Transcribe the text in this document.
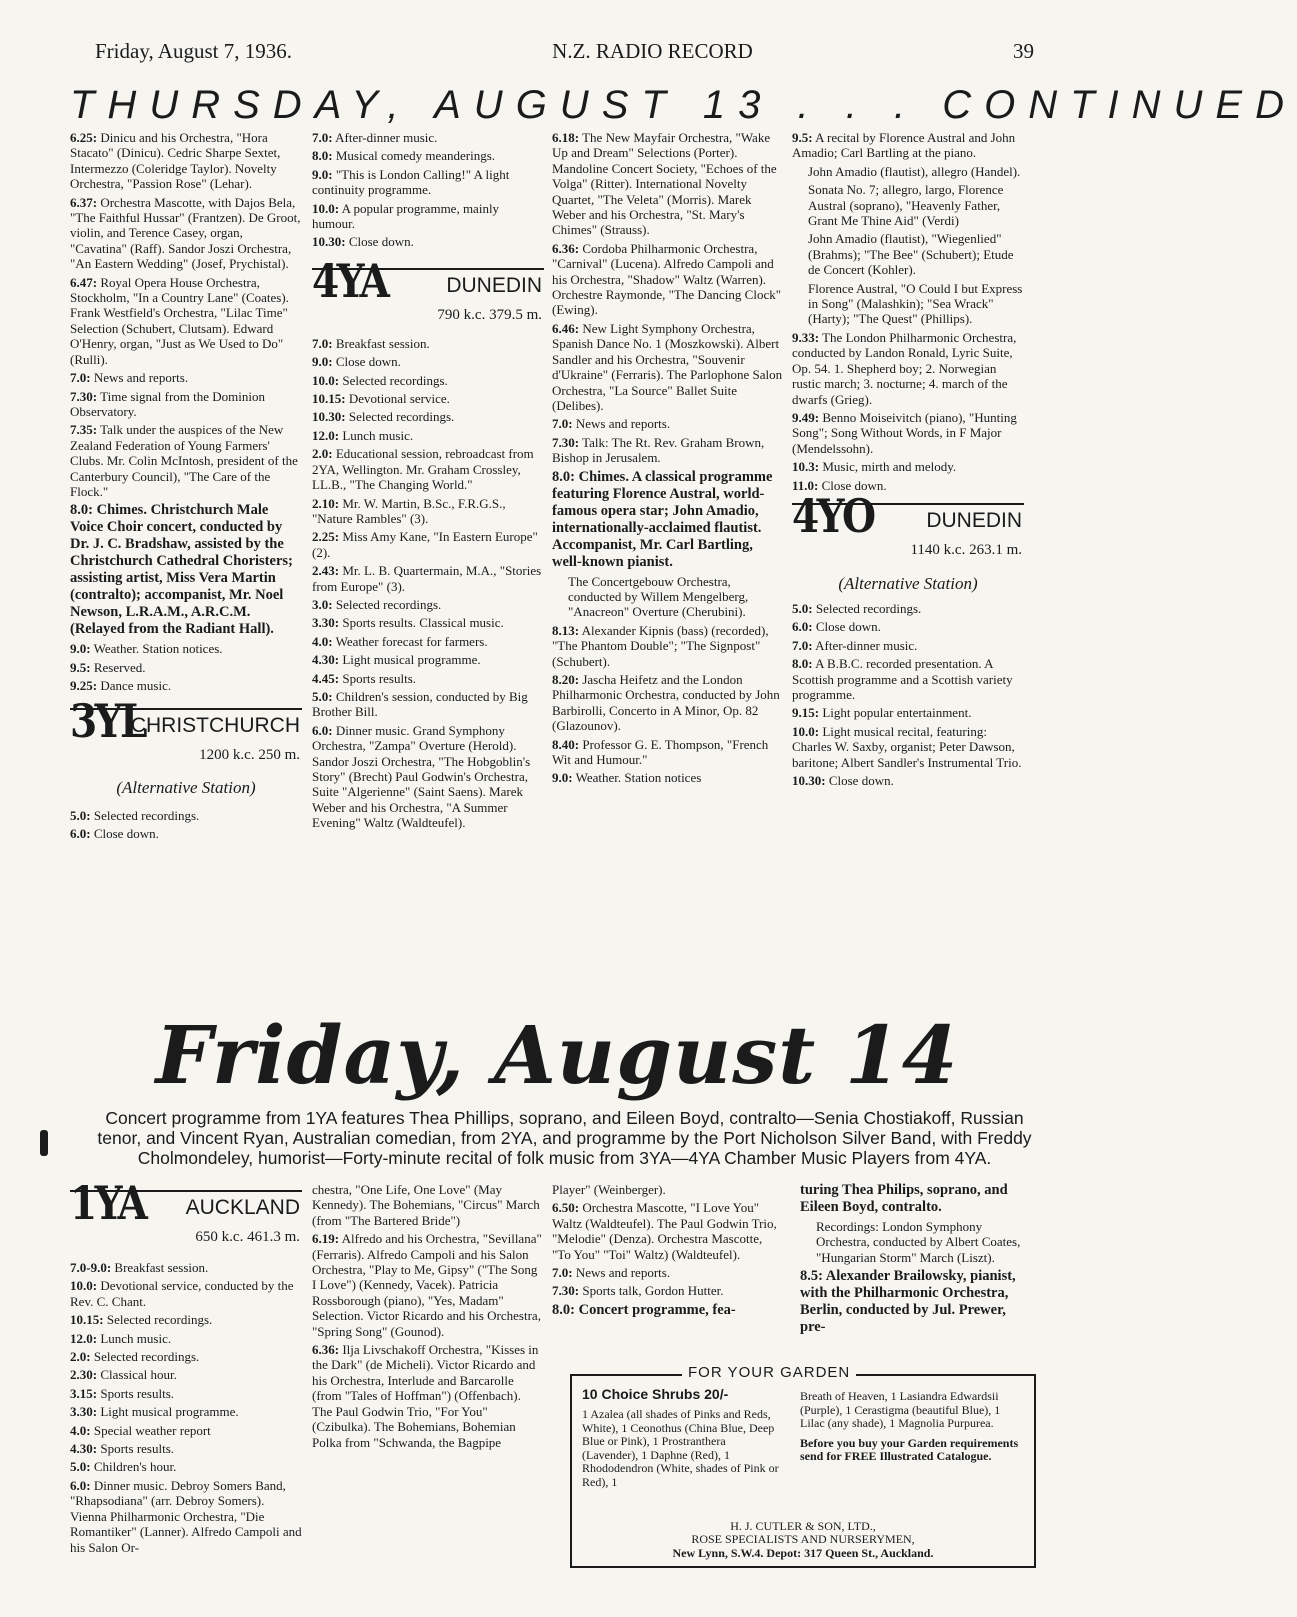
Friday, August 7, 1936.	N.Z. RADIO RECORD	39
THURSDAY, AUGUST 13 . . . CONTINUED
6.25: Dinicu and his Orchestra, "Hora Stacato" (Dinicu). Cedric Sharpe Sextet, Intermezzo (Coleridge Taylor). Novelty Orchestra, "Passion Rose" (Lehar).
6.37: Orchestra Mascotte, with Dajos Bela, "The Faithful Hussar" (Frantzen). De Groot, violin, and Terence Casey, organ, "Cavatina" (Raff). Sandor Joszi Orchestra, "An Eastern Wedding" (Josef, Prychistal).
6.47: Royal Opera House Orchestra, Stockholm, "In a Country Lane" (Coates). Frank Westfield's Orchestra, "Lilac Time" Selection (Schubert, Clutsam). Edward O'Henry, organ, "Just as We Used to Do" (Rulli).
7.0: News and reports.
7.30: Time signal from the Dominion Observatory.
7.35: Talk under the auspices of the New Zealand Federation of Young Farmers' Clubs. Mr. Colin McIntosh, president of the Canterbury Council), "The Care of the Flock."
8.0: Chimes. Christchurch Male Voice Choir concert, conducted by Dr. J. C. Bradshaw, assisted by the Christchurch Cathedral Choristers; assisting artist, Miss Vera Martin (contralto); accompanist, Mr. Noel Newson, L.R.A.M., A.R.C.M. (Relayed from the Radiant Hall).
9.0: Weather. Station notices.
9.5: Reserved.
9.25: Dance music.
3YL
CHRISTCHURCH
1200 k.c. 250 m.
(Alternative Station)
5.0: Selected recordings.
6.0: Close down.
7.0: After-dinner music.
8.0: Musical comedy meanderings.
9.0: "This is London Calling!" A light continuity programme.
10.0: A popular programme, mainly humour.
10.30: Close down.
4YA	DUNEDIN
790 k.c. 379.5 m.
7.0: Breakfast session.
9.0: Close down.
10.0: Selected recordings.
10.15: Devotional service.
10.30: Selected recordings.
12.0: Lunch music.
2.0: Educational session, rebroadcast from 2YA, Wellington. Mr. Graham Crossley, LL.B., "The Changing World."
2.10: Mr. W. Martin, B.Sc., F.R.G.S., "Nature Rambles" (3).
2.25: Miss Amy Kane, "In Eastern Europe" (2).
2.43: Mr. L. B. Quartermain, M.A., "Stories from Europe" (3).
3.0: Selected recordings.
3.30: Sports results. Classical music.
4.0: Weather forecast for farmers.
4.30: Light musical programme.
4.45: Sports results.
5.0: Children's session, conducted by Big Brother Bill.
6.0: Dinner music. Grand Symphony Orchestra, "Zampa" Overture (Herold). Sandor Joszi Orchestra, "The Hobgoblin's Story" (Brecht) Paul Godwin's Orchestra, Suite "Algerienne" (Saint Saens). Marek Weber and his Orchestra, "A Summer Evening" Waltz (Waldteufel).
6.18: The New Mayfair Orchestra, "Wake Up and Dream" Selections (Porter). Mandoline Concert Society, "Echoes of the Volga" (Ritter). International Novelty Quartet, "The Veleta" (Morris). Marek Weber and his Orchestra, "St. Mary's Chimes" (Strauss).
6.36: Cordoba Philharmonic Orchestra, "Carnival" (Lucena). Alfredo Campoli and his Orchestra, "Shadow" Waltz (Warren). Orchestre Raymonde, "The Dancing Clock" (Ewing).
6.46: New Light Symphony Orchestra, Spanish Dance No. 1 (Moszkowski). Albert Sandler and his Orchestra, "Souvenir d'Ukraine" (Ferraris). The Parlophone Salon Orchestra, "La Source" Ballet Suite (Delibes).
7.0: News and reports.
7.30: Talk: The Rt. Rev. Graham Brown, Bishop in Jerusalem.
8.0: Chimes. A classical programme featuring Florence Austral, world-famous opera star; John Amadio, internationally-acclaimed flautist. Accompanist, Mr. Carl Bartling, well-known pianist.
The Concertgebouw Orchestra, conducted by Willem Mengelberg, "Anacreon" Overture (Cherubini).
8.13: Alexander Kipnis (bass) (recorded), "The Phantom Double"; "The Signpost" (Schubert).
8.20: Jascha Heifetz and the London Philharmonic Orchestra, conducted by John Barbirolli, Concerto in A Minor, Op. 82 (Glazounov).
8.40: Professor G. E. Thompson, "French Wit and Humour."
9.0: Weather. Station notices
9.5: A recital by Florence Austral and John Amadio; Carl Bartling at the piano.
John Amadio (flautist), allegro (Handel).
Sonata No. 7; allegro, largo, Florence Austral (soprano), "Heavenly Father, Grant Me Thine Aid" (Verdi)
John Amadio (flautist), "Wiegenlied" (Brahms); "The Bee" (Schubert); Etude de Concert (Kohler).
Florence Austral, "O Could I but Express in Song" (Malashkin); "Sea Wrack" (Harty); "The Quest" (Phillips).
9.33: The London Philharmonic Orchestra, conducted by Landon Ronald, Lyric Suite, Op. 54. 1. Shepherd boy; 2. Norwegian rustic march; 3. nocturne; 4. march of the dwarfs (Grieg).
9.49: Benno Moiseivitch (piano), "Hunting Song"; Song Without Words, in F Major (Mendelssohn).
10.3: Music, mirth and melody.
11.0: Close down.
4YO	DUNEDIN
1140 k.c. 263.1 m.
(Alternative Station)
5.0: Selected recordings.
6.0: Close down.
7.0: After-dinner music.
8.0: A B.B.C. recorded presentation. A Scottish programme and a Scottish variety programme.
9.15: Light popular entertainment.
10.0: Light musical recital, featuring: Charles W. Saxby, organist; Peter Dawson, baritone; Albert Sandler's Instrumental Trio.
10.30: Close down.
Friday, August 14
Concert programme from 1YA features Thea Phillips, soprano, and Eileen Boyd, contralto—Senia Chostiakoff, Russian tenor, and Vincent Ryan, Australian comedian, from 2YA, and programme by the Port Nicholson Silver Band, with Freddy Cholmondeley, humorist—Forty-minute recital of folk music from 3YA—4YA Chamber Music Players from 4YA.
1YA AUCKLAND
650 k.c. 461.3 m.
7.0-9.0: Breakfast session.
10.0: Devotional service, conducted by the Rev. C. Chant.
10.15: Selected recordings.
12.0: Lunch music.
2.0: Selected recordings.
2.30: Classical hour.
3.15: Sports results.
3.30: Light musical programme.
4.0: Special weather report
4.30: Sports results.
5.0: Children's hour.
6.0: Dinner music. Debroy Somers Band, "Rhapsodiana" (arr. Debroy Somers). Vienna Philharmonic Orchestra, "Die Romantiker" (Lanner). Alfredo Campoli and his Salon Or-
chestra, "One Life, One Love" (May Kennedy). The Bohemians, "Circus" March (from "The Bartered Bride")
6.19: Alfredo and his Orchestra, "Sevillana" (Ferraris). Alfredo Campoli and his Salon Orchestra, "Play to Me, Gipsy" ("The Song I Love") (Kennedy, Vacek). Patricia Rossborough (piano), "Yes, Madam" Selection. Victor Ricardo and his Orchestra, "Spring Song" (Gounod).
6.36: Ilja Livschakoff Orchestra, "Kisses in the Dark" (de Micheli). Victor Ricardo and his Orchestra, Interlude and Barcarolle (from "Tales of Hoffman") (Offenbach). The Paul Godwin Trio, "For You" (Czibulka). The Bohemians, Bohemian Polka from "Schwanda, the Bagpipe
Player" (Weinberger).
6.50: Orchestra Mascotte, "I Love You" Waltz (Waldteufel). The Paul Godwin Trio, "Melodie" (Denza). Orchestra Mascotte, "To You" "Toi" Waltz) (Waldteufel).
7.0: News and reports.
7.30: Sports talk, Gordon Hutter.
8.0: Concert programme, fea-
turing Thea Philips, soprano, and Eileen Boyd, contralto.
Recordings: London Symphony Orchestra, conducted by Albert Coates, "Hungarian Storm" March (Liszt).
8.5: Alexander Brailowsky, pianist, with the Philharmonic Orchestra, Berlin, conducted by Jul. Prewer, pre-
FOR YOUR GARDEN
10 Choice Shrubs 20/-
1 Azalea (all shades of Pinks and Reds, White), 1 Ceonothus (China Blue, Deep Blue or Pink), 1 Prostranthera (Lavender), 1 Daphne (Red), 1 Rhododendron (White, shades of Pink or Red), 1
Breath of Heaven, 1 Lasiandra Edwardsii (Purple), 1 Cerastigma (beautiful Blue), 1 Lilac (any shade), 1 Magnolia Purpurea.
Before you buy your Garden requirements send for FREE Illustrated Catalogue.
H. J. CUTLER & SON, LTD.,
ROSE SPECIALISTS AND NURSERYMEN,
New Lynn, S.W.4. Depot: 317 Queen St., Auckland.
